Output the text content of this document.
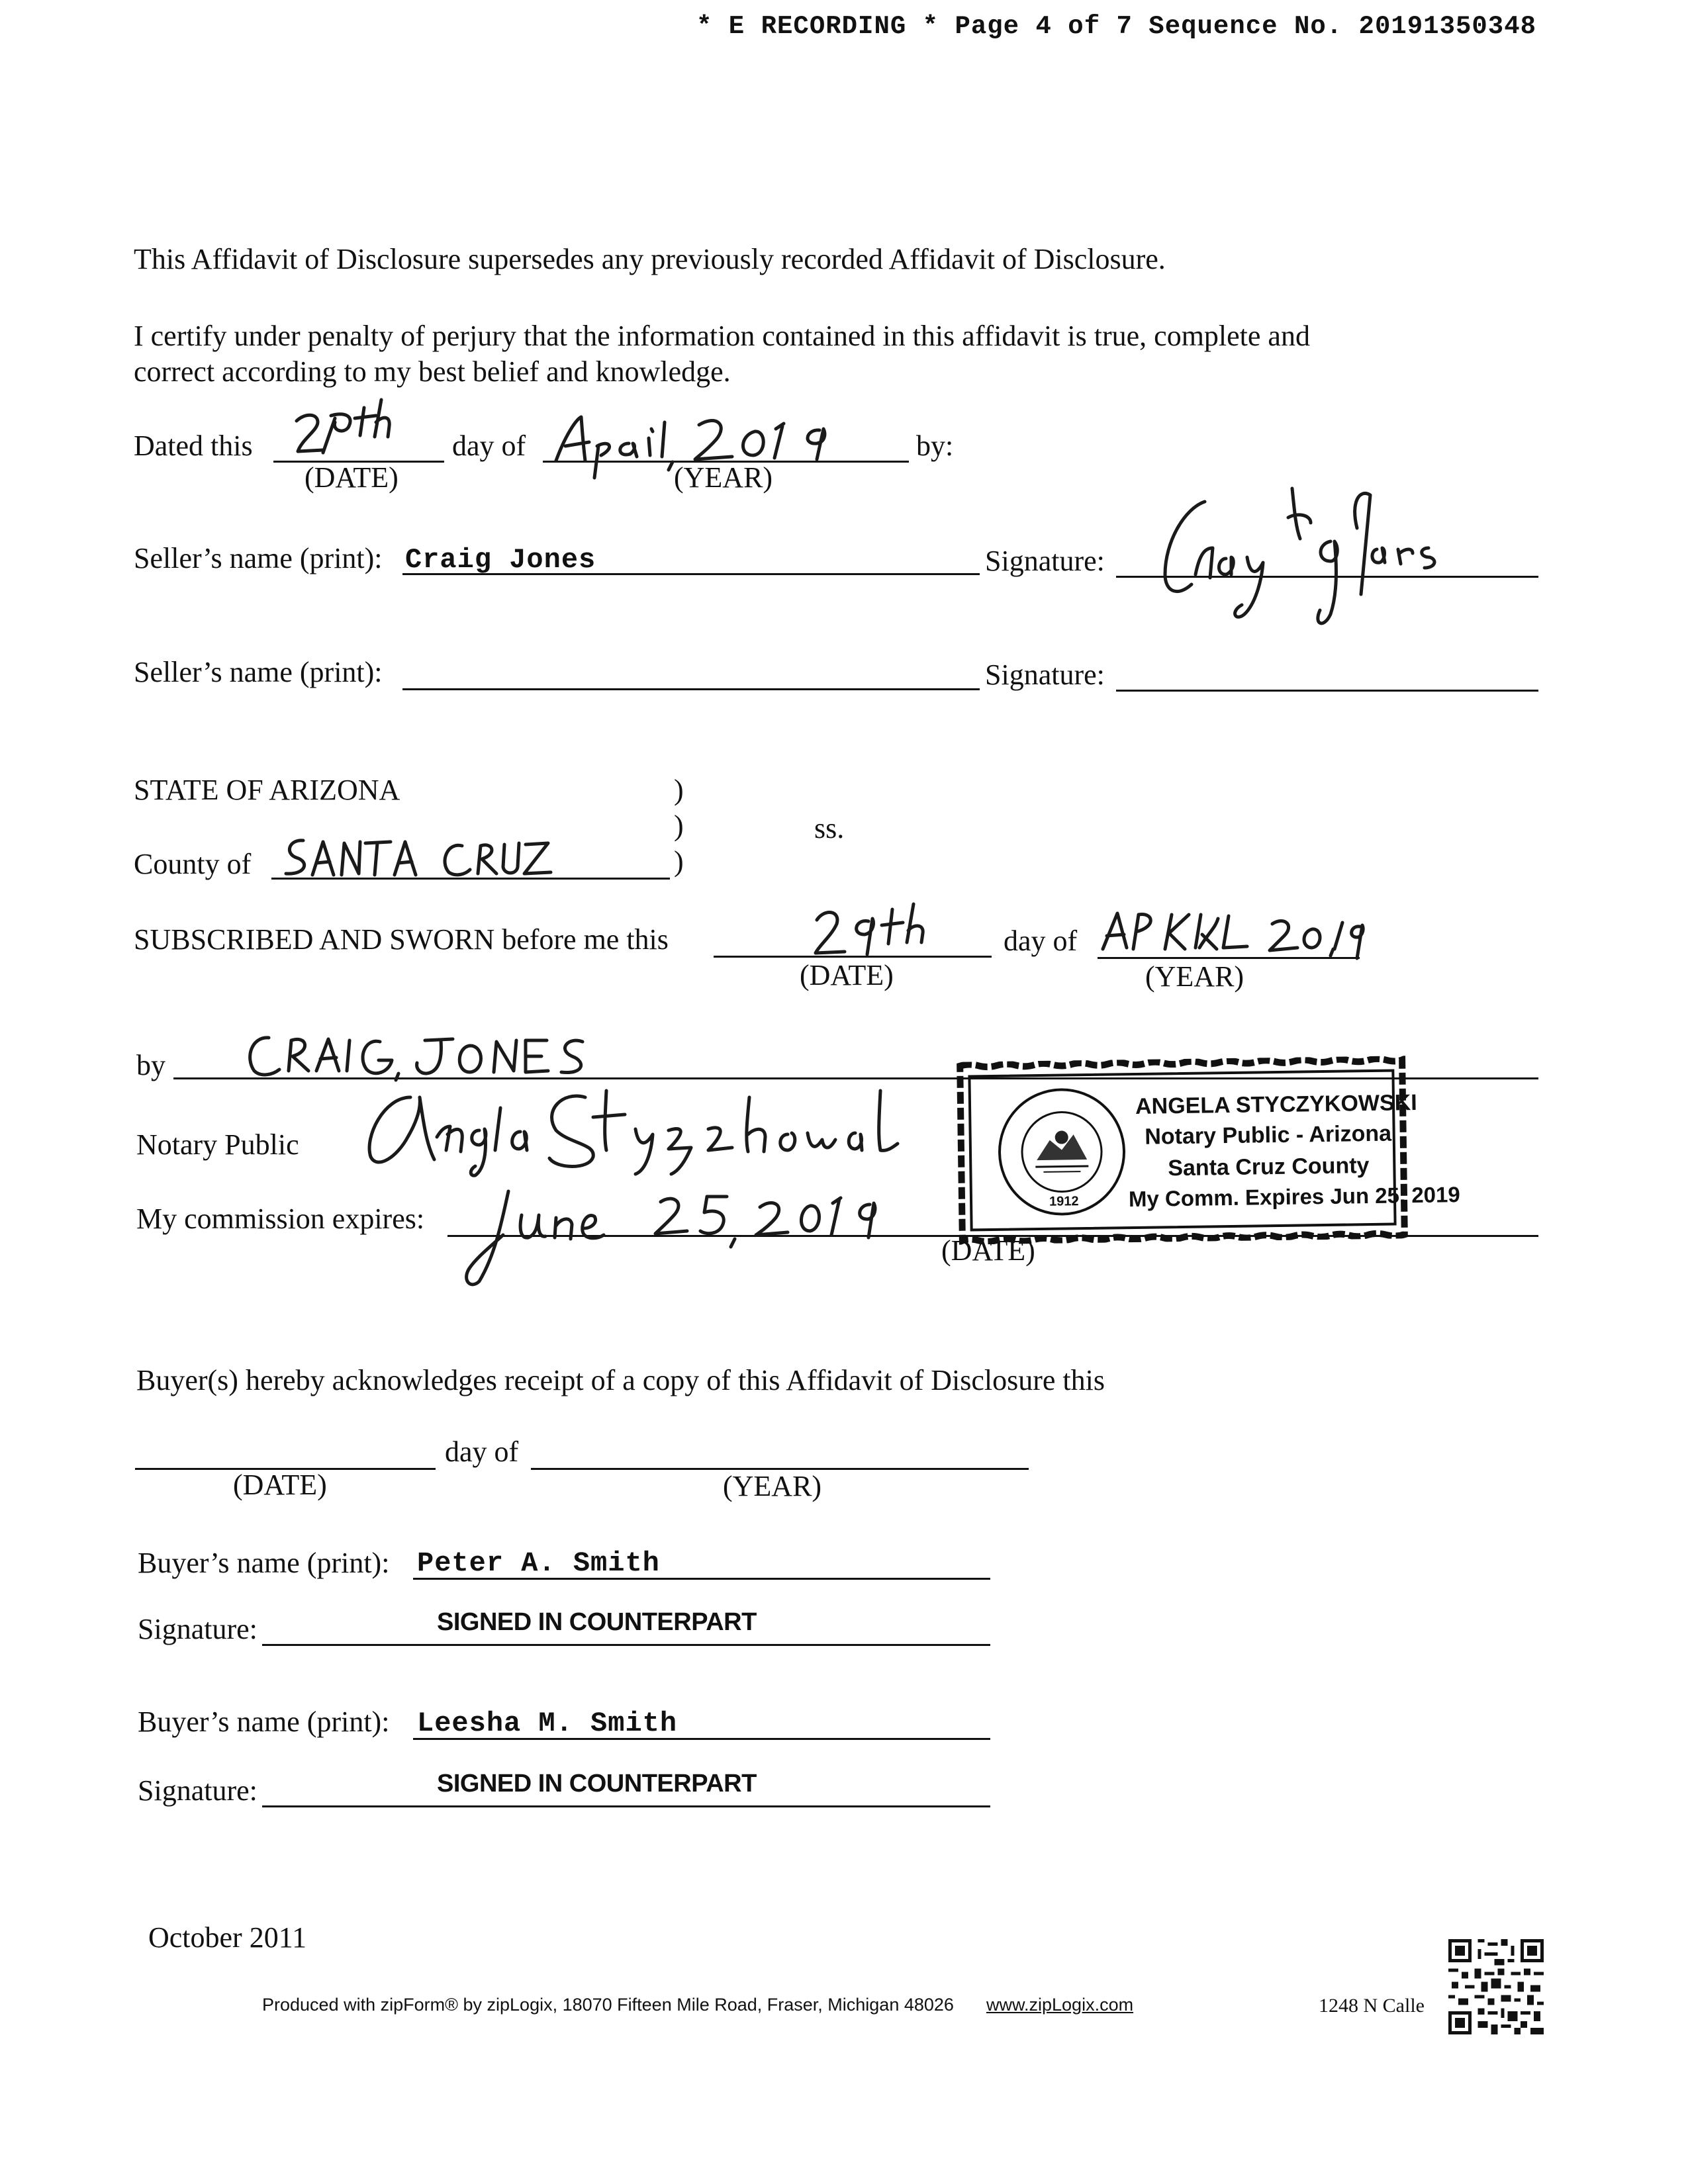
* E RECORDING * Page 4 of 7 Sequence No. 20191350348
This Affidavit of Disclosure supersedes any previously recorded Affidavit of Disclosure.
I certify under penalty of perjury that the information contained in this affidavit is true, complete and
correct according to my best belief and knowledge.
Dated this
(DATE)
day of
(YEAR)
by:
Seller’s name (print): Craig Jones	Signature:
Seller’s name (print):	Signature:
STATE OF ARIZONA	)
)
)
ss.
County of
SUBSCRIBED AND SWORN before me this
(DATE)
day of
(YEAR)
by
Notary Public
My commission expires:
(DATE)
1912
ANGELA STYCZYKOWSKI
Notary Public - Arizona
Santa Cruz County
My Comm. Expires Jun 25, 2019
Buyer(s) hereby acknowledges receipt of a copy of this Affidavit of Disclosure this
day of
(DATE)	(YEAR)
Buyer’s name (print): Peter A. Smith
Signature:	SIGNED IN COUNTERPART
Buyer’s name (print): Leesha M. Smith
Signature:	SIGNED IN COUNTERPART
October 2011
Produced with zipForm® by zipLogix, 18070 Fifteen Mile Road, Fraser, Michigan 48026 www.zipLogix.com	1248 N Calle
